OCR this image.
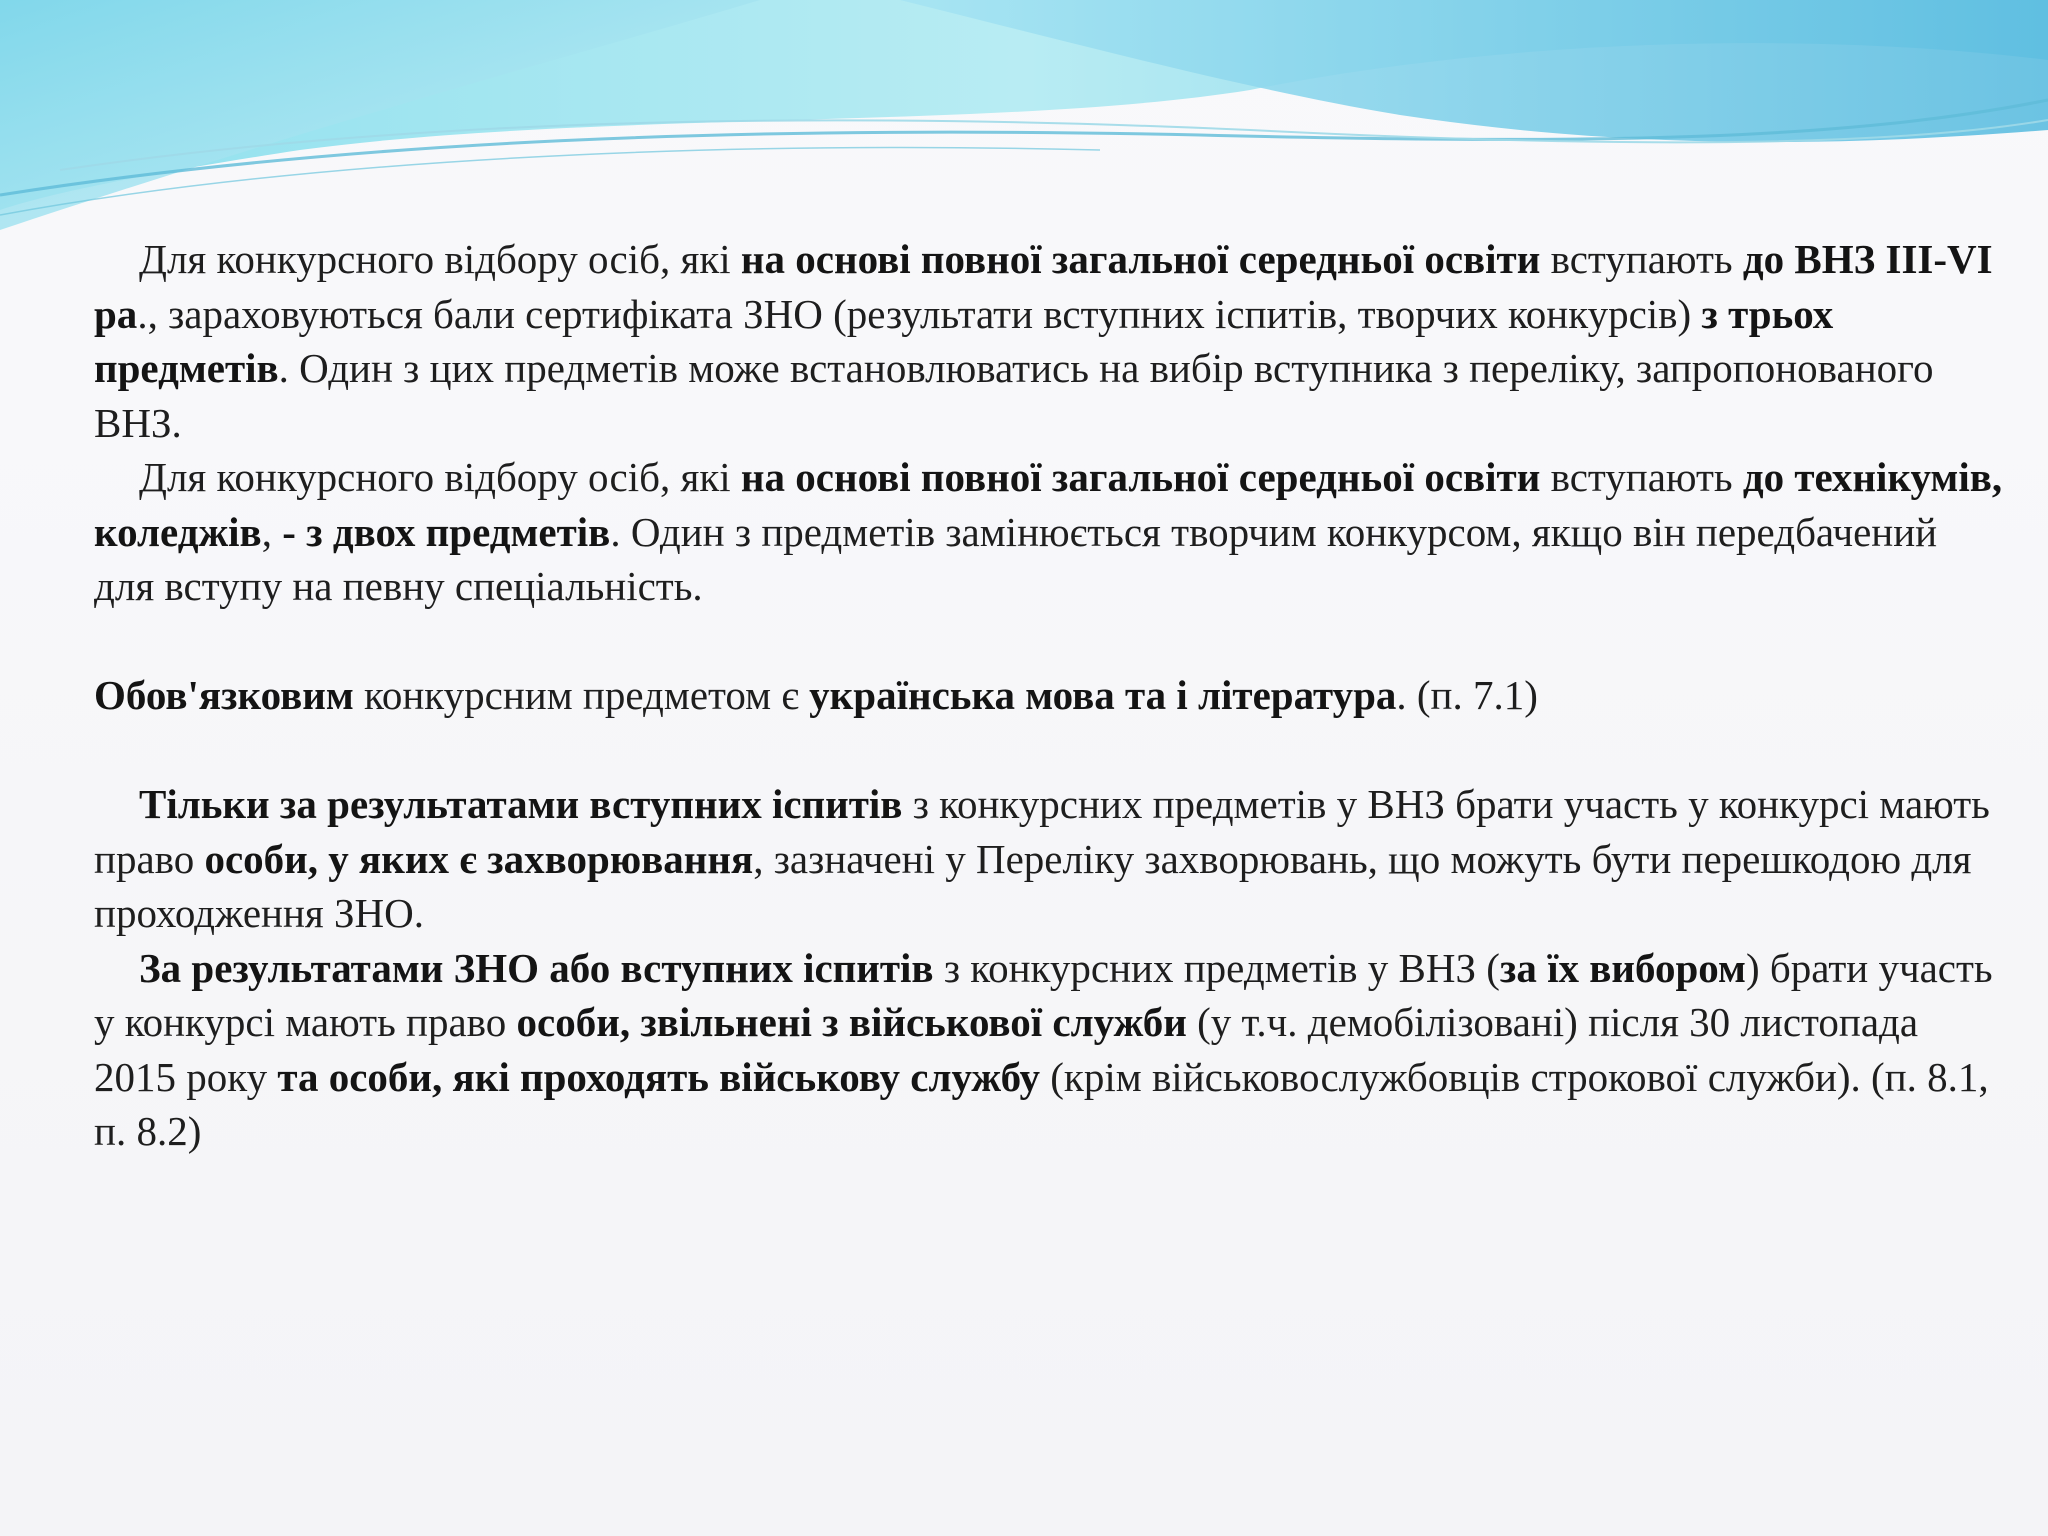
Для конкурсного відбору осіб, які на основі повної загальної середньої освіти вступають до ВНЗ ІІІ-VI ра., зараховуються бали сертифіката ЗНО (результати вступних іспитів, творчих конкурсів) з трьох предметів. Один з цих предметів може встановлюватись на вибір вступника з переліку, запропонованого ВНЗ.

Для конкурсного відбору осіб, які на основі повної загальної середньої освіти вступають до технікумів, коледжів, - з двох предметів. Один з предметів замінюється творчим конкурсом, якщо він передбачений для вступу на певну спеціальність.

Обов'язковим конкурсним предметом є українська мова та і література. (п. 7.1)

Тільки за результатами вступних іспитів з конкурсних предметів у ВНЗ брати участь у конкурсі мають право особи, у яких є захворювання, зазначені у Переліку захворювань, що можуть бути перешкодою для проходження ЗНО.

За результатами ЗНО або вступних іспитів з конкурсних предметів у ВНЗ (за їх вибором) брати участь у конкурсі мають право особи, звільнені з військової служби (у т.ч. демобілізовані) після 30 листопада 2015 року та особи, які проходять військову службу (крім військовослужбовців строкової служби). (п. 8.1, п. 8.2)
